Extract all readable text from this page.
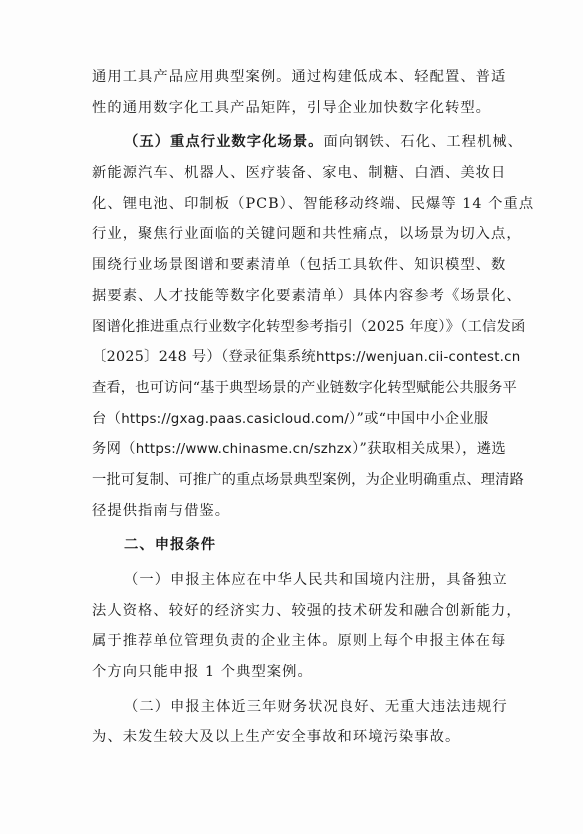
通用工具产品应用典型案例。通过构建低成本、轻配置、普适
性的通用数字化工具产品矩阵，引导企业加快数字化转型。
（五）重点行业数字化场景。面向钢铁、石化、工程机械、
新能源汽车、机器人、医疗装备、家电、制糖、白酒、美妆日
化、锂电池、印制板（PCB）、智能移动终端、民爆等 14 个重点
行业，聚焦行业面临的关键问题和共性痛点，以场景为切入点，
围绕行业场景图谱和要素清单（包括工具软件、知识模型、数
据要素、人才技能等数字化要素清单）具体内容参考《场景化、
图谱化推进重点行业数字化转型参考指引（2025 年度）》（工信发函
〔2025〕248 号）（登录征集系统https://wenjuan.cii-contest.cn
查看，也可访问“基于典型场景的产业链数字化转型赋能公共服务平
台（https://gxag.paas.casicloud.com/）”或“中国中小企业服
务网（https://www.chinasme.cn/szhzx）”获取相关成果），遴选
一批可复制、可推广的重点场景典型案例，为企业明确重点、理清路
径提供指南与借鉴。
二、申报条件
（一）申报主体应在中华人民共和国境内注册，具备独立
法人资格、较好的经济实力、较强的技术研发和融合创新能力，
属于推荐单位管理负责的企业主体。原则上每个申报主体在每
个方向只能申报 1 个典型案例。
（二）申报主体近三年财务状况良好、无重大违法违规行
为、未发生较大及以上生产安全事故和环境污染事故。
